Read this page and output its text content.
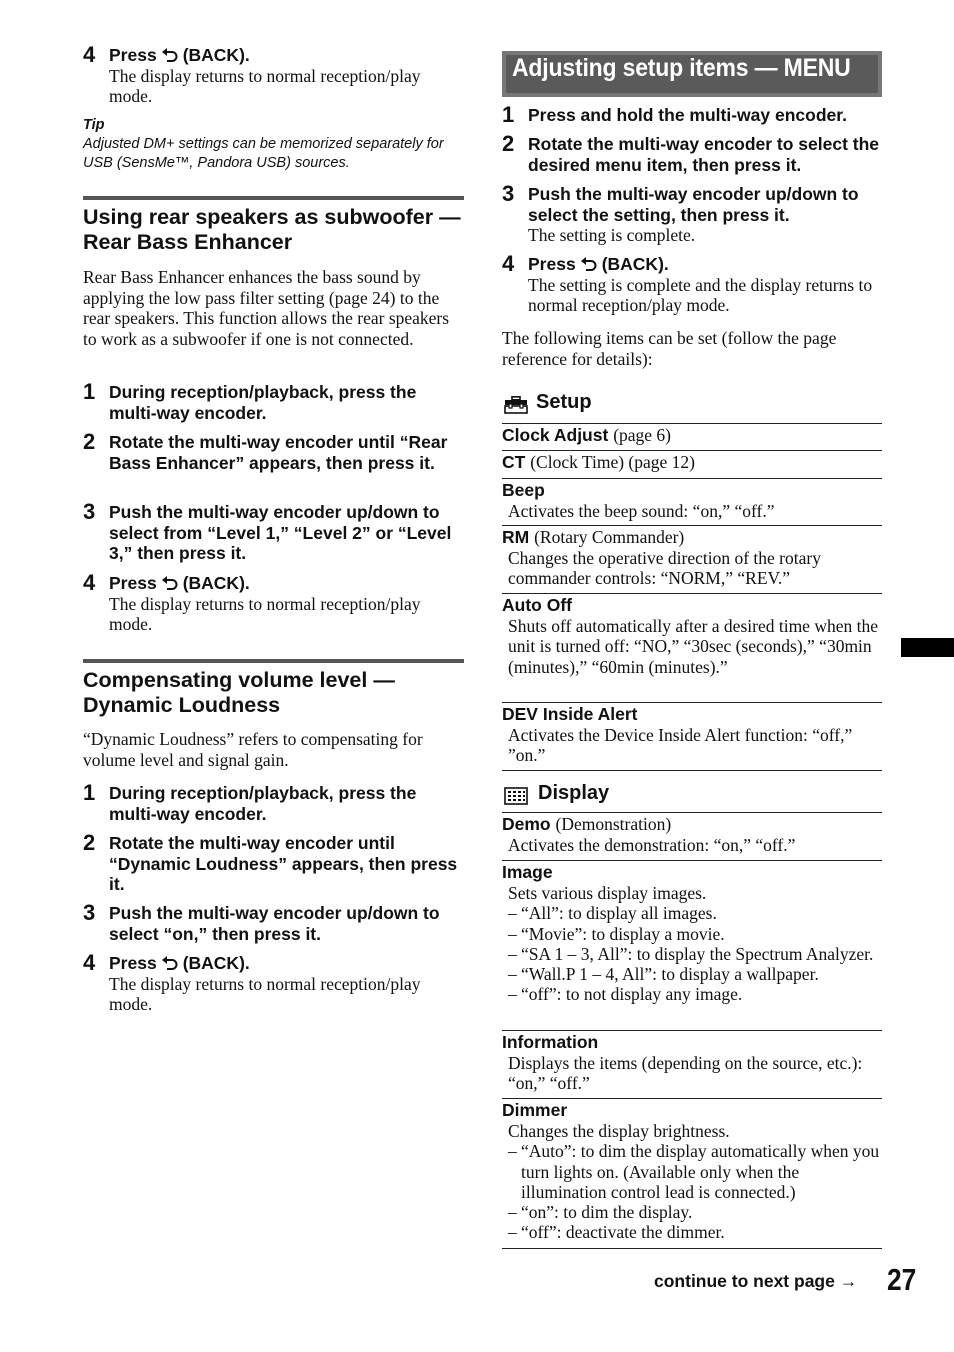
4 Press (BACK).
The display returns to normal reception/play mode.
Tip
Adjusted DM+ settings can be memorized separately for USB (SensMe™, Pandora USB) sources.
Using rear speakers as subwoofer — Rear Bass Enhancer
Rear Bass Enhancer enhances the bass sound by applying the low pass filter setting (page 24) to the rear speakers. This function allows the rear speakers to work as a subwoofer if one is not connected.
1 During reception/playback, press the multi-way encoder.
2 Rotate the multi-way encoder until “Rear Bass Enhancer” appears, then press it.
3 Push the multi-way encoder up/down to select from “Level 1,” “Level 2” or “Level 3,” then press it.
4 Press (BACK).
The display returns to normal reception/play mode.
Compensating volume level — Dynamic Loudness
“Dynamic Loudness” refers to compensating for volume level and signal gain.
1 During reception/playback, press the multi-way encoder.
2 Rotate the multi-way encoder until “Dynamic Loudness” appears, then press it.
3 Push the multi-way encoder up/down to select “on,” then press it.
4 Press (BACK).
The display returns to normal reception/play mode.
Adjusting setup items — MENU
1 Press and hold the multi-way encoder.
2 Rotate the multi-way encoder to select the desired menu item, then press it.
3 Push the multi-way encoder up/down to select the setting, then press it.
The setting is complete.
4 Press (BACK).
The setting is complete and the display returns to normal reception/play mode.
The following items can be set (follow the page reference for details):
Setup
Clock Adjust (page 6)
CT (Clock Time) (page 12)
Beep
Activates the beep sound: “on,” “off.”
RM (Rotary Commander)
Changes the operative direction of the rotary commander controls: “NORM,” “REV.”
Auto Off
Shuts off automatically after a desired time when the unit is turned off: “NO,” “30sec (seconds),” “30min (minutes),” “60min (minutes).”
DEV Inside Alert
Activates the Device Inside Alert function: “off,” ”on.”
Display
Demo (Demonstration)
Activates the demonstration: “on,” “off.”
Image
Sets various display images.
– “All”: to display all images.
– “Movie”: to display a movie.
– “SA 1 – 3, All”: to display the Spectrum Analyzer.
– “Wall.P 1 – 4, All”: to display a wallpaper.
– “off”: to not display any image.
Information
Displays the items (depending on the source, etc.): “on,” “off.”
Dimmer
Changes the display brightness.
– “Auto”: to dim the display automatically when you turn lights on. (Available only when the illumination control lead is connected.)
– “on”: to dim the display.
– “off”: deactivate the dimmer.
continue to next page → 27
